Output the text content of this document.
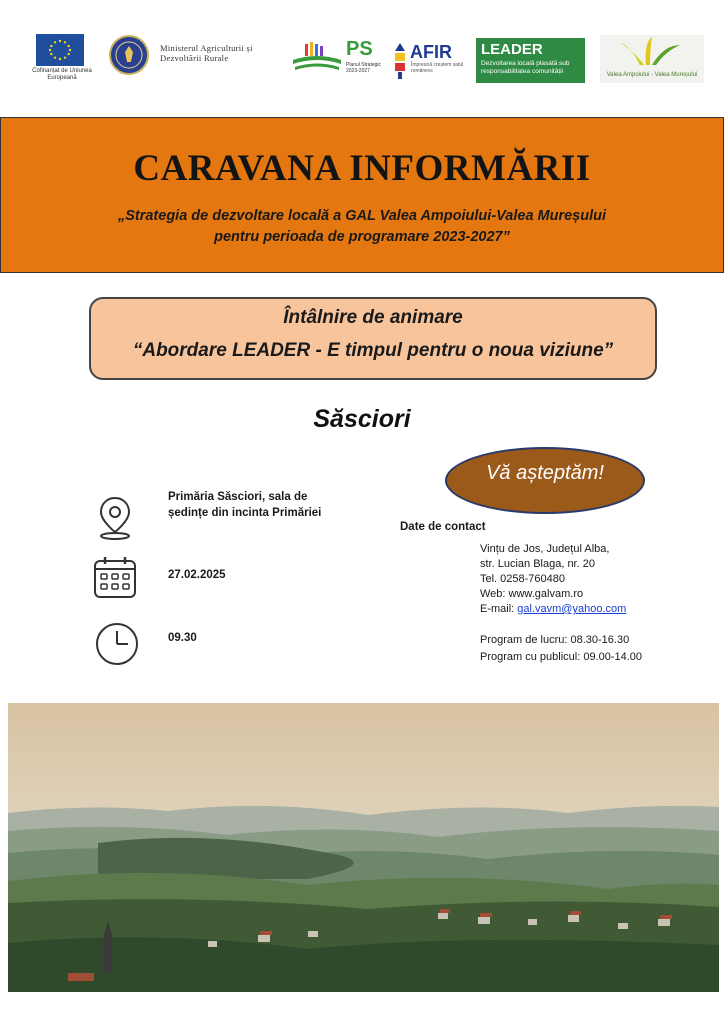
Cofinanțat de Uniunea Europeană
Ministerul Agriculturii și Dezvoltării Rurale	PS
Planul Strategic 2023-2027
AFIR
Împreună creștem satul românesc
LEADER
Dezvoltarea locală plasată sub responsabilitatea comunității	Valea Ampoiului - Valea Mureșului
CARAVANA INFORMĂRII
„Strategia de dezvoltare locală a GAL Valea Ampoiului-Valea Mureșului
pentru perioada de programare 2023-2027”
Întâlnire de animare
“Abordare LEADER - E timpul pentru o noua viziune”
Săsciori
Vă așteptăm!
Primăria Săsciori, sala de
ședințe din incinta Primăriei
27.02.2025
09.30
Date de contact
Vințu de Jos, Județul Alba,
str. Lucian Blaga, nr. 20
Tel. 0258-760480
Web: www.galvam.ro
E-mail: gal.vavm@yahoo.com
Program de lucru: 08.30-16.30
Program cu publicul: 09.00-14.00
